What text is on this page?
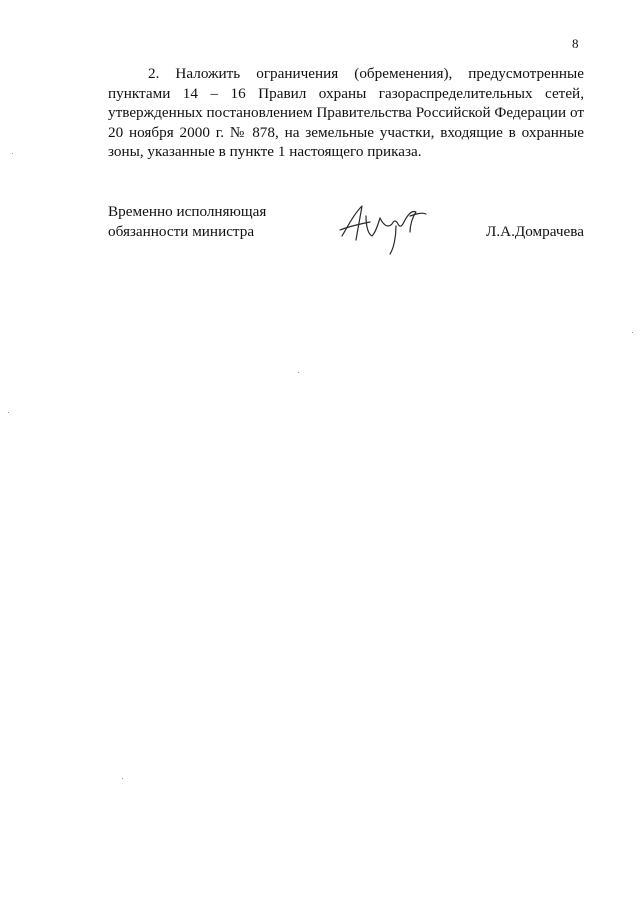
8

2. Наложить ограничения (обременения), предусмотренные пунктами 14 – 16 Правил охраны газораспределительных сетей, утвержденных постановлением Правительства Российской Федерации от 20 ноября 2000 г. № 878, на земельные участки, входящие в охранные зоны, указанные в пункте 1 настоящего приказа.

Временно исполняющая
обязанности министра	Л.А.Домрачева
